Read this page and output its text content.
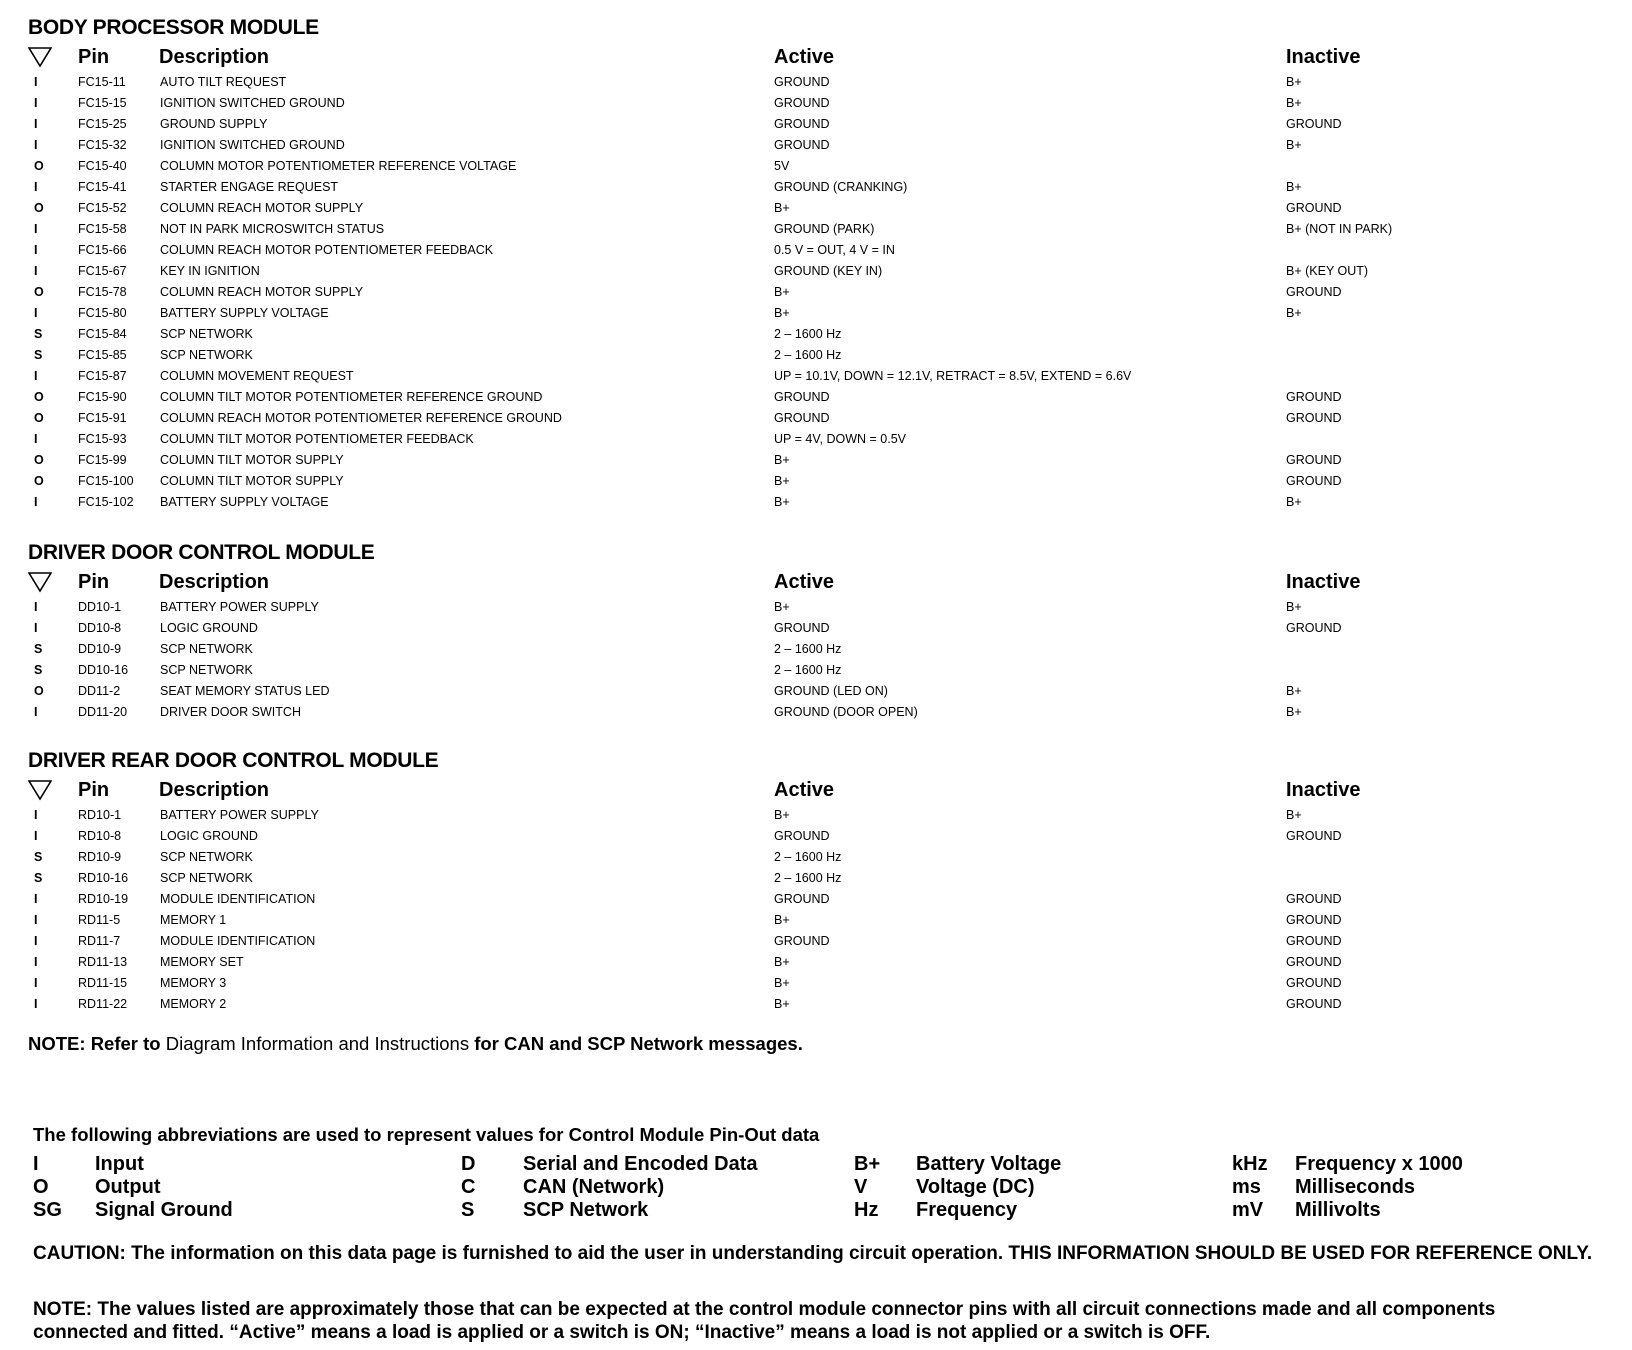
BODY PROCESSOR MODULE
Pin Description	Active	Inactive
I	FC15-11	AUTO TILT REQUEST	GROUND	B+
I	FC15-15	IGNITION SWITCHED GROUND	GROUND	B+
I	FC15-25	GROUND SUPPLY	GROUND	GROUND
I	FC15-32	IGNITION SWITCHED GROUND	GROUND	B+
O	FC15-40	COLUMN MOTOR POTENTIOMETER REFERENCE VOLTAGE	5V
I	FC15-41	STARTER ENGAGE REQUEST	GROUND (CRANKING)	B+
O	FC15-52	COLUMN REACH MOTOR SUPPLY	B+	GROUND
I	FC15-58	NOT IN PARK MICROSWITCH STATUS	GROUND (PARK)	B+ (NOT IN PARK)
I	FC15-66	COLUMN REACH MOTOR POTENTIOMETER FEEDBACK	0.5 V = OUT, 4 V = IN
I	FC15-67	KEY IN IGNITION	GROUND (KEY IN)	B+ (KEY OUT)
O	FC15-78	COLUMN REACH MOTOR SUPPLY	B+	GROUND
I	FC15-80	BATTERY SUPPLY VOLTAGE	B+	B+
S	FC15-84	SCP NETWORK	2 – 1600 Hz
S	FC15-85	SCP NETWORK	2 – 1600 Hz
I	FC15-87	COLUMN MOVEMENT REQUEST	UP = 10.1V, DOWN = 12.1V, RETRACT = 8.5V, EXTEND = 6.6V
O	FC15-90	COLUMN TILT MOTOR POTENTIOMETER REFERENCE GROUND	GROUND	GROUND
O	FC15-91	COLUMN REACH MOTOR POTENTIOMETER REFERENCE GROUND	GROUND	GROUND
I	FC15-93	COLUMN TILT MOTOR POTENTIOMETER FEEDBACK	UP = 4V, DOWN = 0.5V
O	FC15-99	COLUMN TILT MOTOR SUPPLY	B+	GROUND
O	FC15-100 COLUMN TILT MOTOR SUPPLY	B+	GROUND
I	FC15-102 BATTERY SUPPLY VOLTAGE	B+	B+
DRIVER DOOR CONTROL MODULE
Pin Description	Active	Inactive
I	DD10-1	BATTERY POWER SUPPLY	B+	B+
I	DD10-8	LOGIC GROUND	GROUND	GROUND
S	DD10-9	SCP NETWORK	2 – 1600 Hz
S	DD10-16	SCP NETWORK	2 – 1600 Hz
O	DD11-2	SEAT MEMORY STATUS LED	GROUND (LED ON)	B+
I	DD11-20	DRIVER DOOR SWITCH	GROUND (DOOR OPEN)	B+
DRIVER REAR DOOR CONTROL MODULE
Pin Description	Active	Inactive
I	RD10-1	BATTERY POWER SUPPLY	B+	B+
I	RD10-8	LOGIC GROUND	GROUND	GROUND
S	RD10-9	SCP NETWORK	2 – 1600 Hz
S	RD10-16	SCP NETWORK	2 – 1600 Hz
I	RD10-19	MODULE IDENTIFICATION	GROUND	GROUND
I	RD11-5	MEMORY 1	B+	GROUND
I	RD11-7	MODULE IDENTIFICATION	GROUND	GROUND
I	RD11-13	MEMORY SET	B+	GROUND
I	RD11-15	MEMORY 3	B+	GROUND
I	RD11-22	MEMORY 2	B+	GROUND
NOTE: Refer to Diagram Information and Instructions for CAN and SCP Network messages.
The following abbreviations are used to represent values for Control Module Pin-Out data
I	Input
O Output
SG Signal Ground
D Serial and Encoded Data
C CAN (Network)
S SCP Network
B+ Battery Voltage
V Voltage (DC)
Hz Frequency
kHz Frequency x 1000
ms Milliseconds
mV Millivolts
CAUTION: The information on this data page is furnished to aid the user in understanding circuit operation. THIS INFORMATION SHOULD BE USED FOR REFERENCE ONLY.
NOTE: The values listed are approximately those that can be expected at the control module connector pins with all circuit connections made and all components connected and fitted. “Active” means a load is applied or a switch is ON; “Inactive” means a load is not applied or a switch is OFF.
